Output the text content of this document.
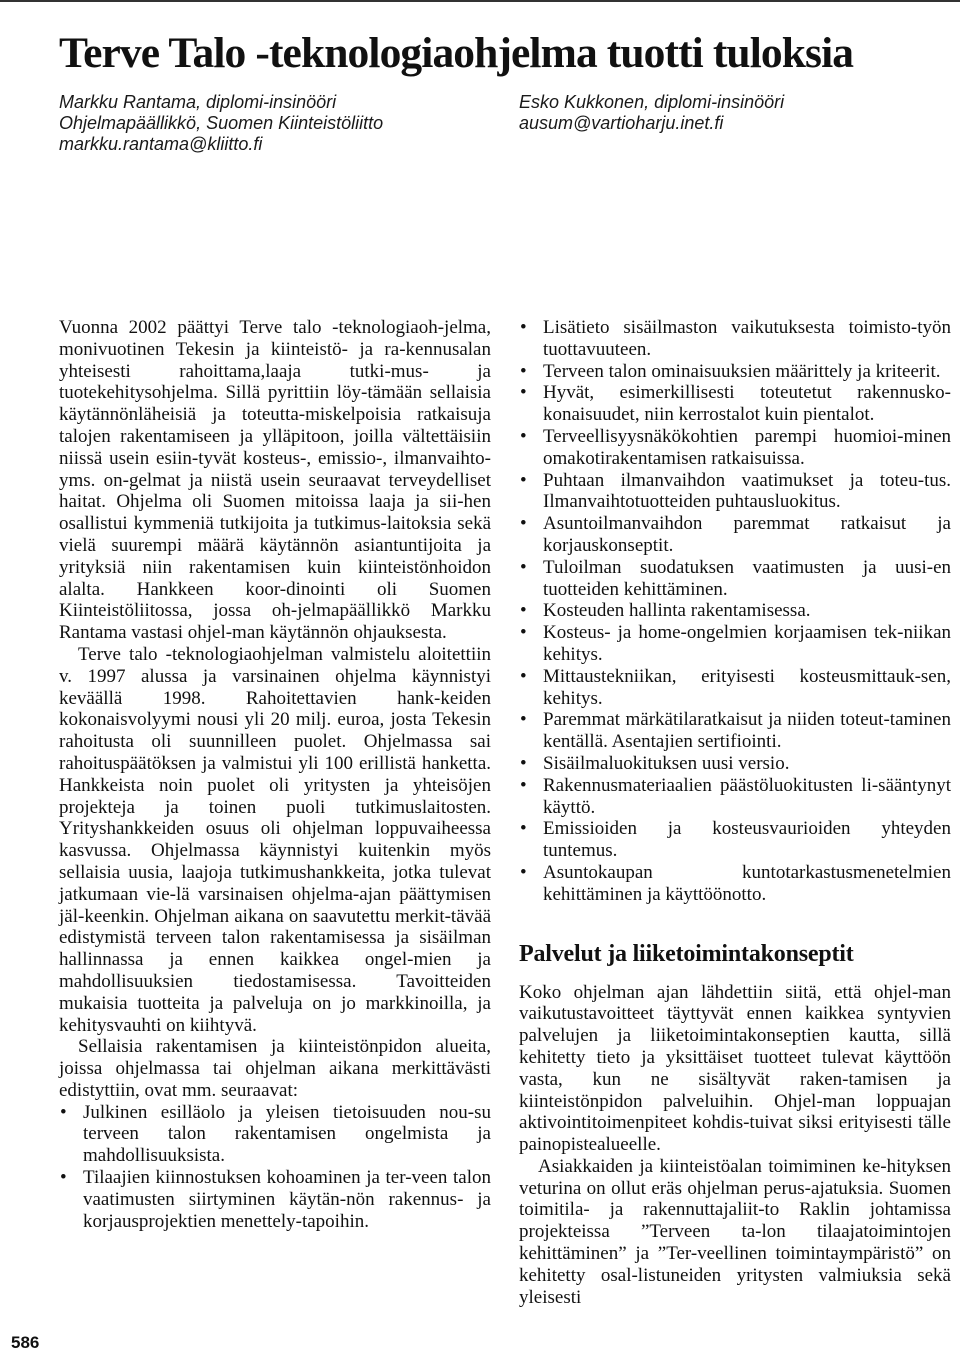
Terve Talo -teknologiaohjelma tuotti tuloksia
Markku Rantama, diplomi-insinööri
Ohjelmapäällikkö, Suomen Kiinteistöliitto
markku.rantama@kliitto.fi
Esko Kukkonen, diplomi-insinööri
ausum@vartioharju.inet.fi

Vuonna 2002 päättyi Terve talo -teknologiaoh-jelma, monivuotinen Tekesin ja kiinteistö- ja ra-kennusalan yhteisesti rahoittama,laaja tutki-mus- ja tuotekehitysohjelma. Sillä pyrittiin löy-tämään sellaisia käytännönläheisiä ja toteutta-miskelpoisia ratkaisuja talojen rakentamiseen ja ylläpitoon, joilla vältettäisiin niissä usein esiin-tyvät kosteus-, emissio-, ilmanvaihto- yms. on-gelmat ja niistä usein seuraavat terveydelliset haitat. Ohjelma oli Suomen mitoissa laaja ja sii-hen osallistui kymmeniä tutkijoita ja tutkimus-laitoksia sekä vielä suurempi määrä käytännön asiantuntijoita ja yrityksiä niin rakentamisen kuin kiinteistönhoidon alalta. Hankkeen koor-dinointi oli Suomen Kiinteistöliitossa, jossa oh-jelmapäällikkö Markku Rantama vastasi ohjel-man käytännön ohjauksesta.

Terve talo -teknologiaohjelman valmistelu aloitettiin v. 1997 alussa ja varsinainen ohjelma käynnistyi keväällä 1998. Rahoitettavien hank-keiden kokonaisvolyymi nousi yli 20 milj. euroa, josta Tekesin rahoitusta oli suunnilleen puolet. Ohjelmassa sai rahoituspäätöksen ja valmistui yli 100 erillistä hanketta. Hankkeista noin puolet oli yritysten ja yhteisöjen projekteja ja toinen puoli tutkimuslaitosten. Yrityshankkeiden osuus oli ohjelman loppuvaiheessa kasvussa. Ohjelmassa käynnistyi kuitenkin myös sellaisia uusia, laajoja tutkimushankkeita, jotka tulevat jatkumaan vie-lä varsinaisen ohjelma-ajan päättymisen jäl-keenkin. Ohjelman aikana on saavutettu merkit-tävää edistymistä terveen talon rakentamisessa ja sisäilman hallinnassa ja ennen kaikkea ongel-mien ja mahdollisuuksien tiedostamisessa. Tavoitteiden mukaisia tuotteita ja palveluja on jo markkinoilla, ja kehitysvauhti on kiihtyvä.

Sellaisia rakentamisen ja kiinteistönpidon alueita, joissa ohjelmassa tai ohjelman aikana merkittävästi edistyttiin, ovat mm. seuraavat:

• Julkinen esilläolo ja yleisen tietoisuuden nou-su terveen talon rakentamisen ongelmista ja mahdollisuuksista.
• Tilaajien kiinnostuksen kohoaminen ja ter-veen talon vaatimusten siirtyminen käytän-nön rakennus- ja korjausprojektien menettely-tapoihin.
• Lisätieto sisäilmaston vaikutuksesta toimisto-työn tuottavuuteen.
• Terveen talon ominaisuuksien määrittely ja kriteerit.
• Hyvät, esimerkillisesti toteutetut rakennusko-konaisuudet, niin kerrostalot kuin pientalot.
• Terveellisyysnäkökohtien parempi huomioi-minen omakotirakentamisen ratkaisuissa.
• Puhtaan ilmanvaihdon vaatimukset ja toteu-tus. Ilmanvaihtotuotteiden puhtausluokitus.
• Asuntoilmanvaihdon paremmat ratkaisut ja korjauskonseptit.
• Tuloilman suodatuksen vaatimusten ja uusi-en tuotteiden kehittäminen.
• Kosteuden hallinta rakentamisessa.
• Kosteus- ja home-ongelmien korjaamisen tek-niikan kehitys.
• Mittaustekniikan, erityisesti kosteusmittauk-sen, kehitys.
• Paremmat märkätilaratkaisut ja niiden toteut-taminen kentällä. Asentajien sertifiointi.
• Sisäilmaluokituksen uusi versio.
• Rakennusmateriaalien päästöluokitusten li-sääntynyt käyttö.
• Emissioiden ja kosteusvaurioiden yhteyden tuntemus.
• Asuntokaupan kuntotarkastusmenetelmien kehittäminen ja käyttöönotto.
Palvelut ja liiketoimintakonseptit

Koko ohjelman ajan lähdettiin siitä, että ohjel-man vaikutustavoitteet täyttyvät ennen kaikkea syntyvien palvelujen ja liiketoimintakonseptien kautta, sillä kehitetty tieto ja yksittäiset tuotteet tulevat käyttöön vasta, kun ne sisältyvät raken-tamisen ja kiinteistönpidon palveluihin. Ohjel-man loppuajan aktivointitoimenpiteet kohdis-tuivat siksi erityisesti tälle painopistealueelle.

Asiakkaiden ja kiinteistöalan toimiminen ke-hityksen veturina on ollut eräs ohjelman perus-ajatuksia. Suomen toimitila- ja rakennuttajaliit-to Raklin johtamissa projekteissa ”Terveen ta-lon tilaajatoimintojen kehittäminen” ja ”Ter-veellinen toimintaympäristö” on kehitetty osal-listuneiden yritysten valmiuksia sekä yleisesti

586
